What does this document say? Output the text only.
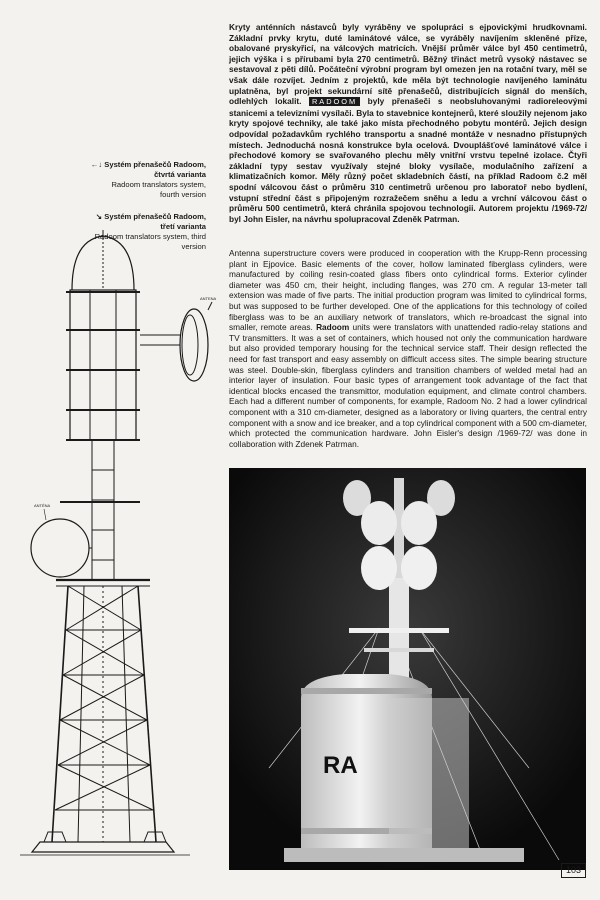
←↓ Systém přenašečů Radoom, čtvrtá varianta
Radoom translators system, fourth version
↘ Systém přenašečů Radoom, třetí varianta
Radoom translators system, third version
ANTENA
ANTÉNA
Kryty anténních nástavců byly vyráběny ve spolupráci s ejpovickými hrudkovnami. Základní prvky krytu, duté laminátové válce, se vyráběly navíjením skleněné příze, obalované pryskyřicí, na válcových matricích. Vnější průměr válce byl 450 centimetrů, jejich výška i s přírubami byla 270 centimetrů. Běžný třináct metrů vysoký nástavec se sestavoval z pěti dílů. Počáteční výrobní program byl omezen jen na rotační tvary, měl se však dále rozvíjet. Jedním z projektů, kde měla být technologie navíjeného laminátu uplatněna, byl projekt sekundární sítě přenašečů, distribujících signál do menších, odlehlých lokalit. RADOOM byly přenašeči s neobsluhovanými radioreleovými stanicemi a televizními vysílači. Byla to stavebnice kontejnerů, které sloužily nejenom jako kryty spojové techniky, ale také jako místa přechodného pobytu montérů. Jejich design odpovídal požadavkům rychlého transportu a snadné montáže v nesnadno přístupných místech. Jednoduchá nosná konstrukce byla ocelová. Dvouplášťové laminátové válce i přechodové komory se svařovaného plechu měly vnitřní vrstvu tepelné izolace. Čtyři základní typy sestav využívaly stejné bloky vysílače, modulačního zařízení a klimatizačních komor. Měly různý počet skladebních částí, na příklad Radoom č.2 měl spodní válcovou část o průměru 310 centimetrů určenou pro laboratoř nebo bydlení, vstupní střední část s připojeným rozražečem sněhu a ledu a vrchní válcovou část o průměru 500 centimetrů, která chránila spojovou technologii. Autorem projektu /1969-72/ byl John Eisler, na návrhu spolupracoval Zdeněk Patrman.
Antenna superstructure covers were produced in cooperation with the Krupp-Renn processing plant in Ejpovice. Basic elements of the cover, hollow laminated fiberglass cylinders, were manufactured by coiling resin-coated glass fibers onto cylindrical forms. Exterior cylinder diameter was 450 cm, their height, including flanges, was 270 cm. A regular 13-meter tall extension was made of five parts. The initial production program was limited to cylindrical forms, but was supposed to be further developed. One of the applications for this technology of coiled fiberglass was to be an auxiliary network of translators, which re-broadcast the signal into smaller, remote areas. Radoom units were translators with unattended radio-relay stations and TV transmitters. It was a set of containers, which housed not only the communication hardware but also provided temporary housing for the technical service staff. Their design reflected the need for fast transport and easy assembly on difficult access sites. The simple bearing structure was steel. Double-skin, fiberglass cylinders and transition chambers of welded metal had an interior layer of insulation. Four basic types of arrangement took advantage of the fact that identical blocks encased the transmittor, modulation equipment, and climate control chambers. Each had a different number of components, for example, Radoom No. 2 had a lower cylindrical component with a 310 cm-diameter, designed as a laboratory or living quarters, the central entry component with a snow and ice breaker, and a top cylindrical component with a 500 cm-diameter, which protected the communication hardware. John Eisler's design /1969-72/ was done in collaboration with Zdenek Patrman.
RA
103
